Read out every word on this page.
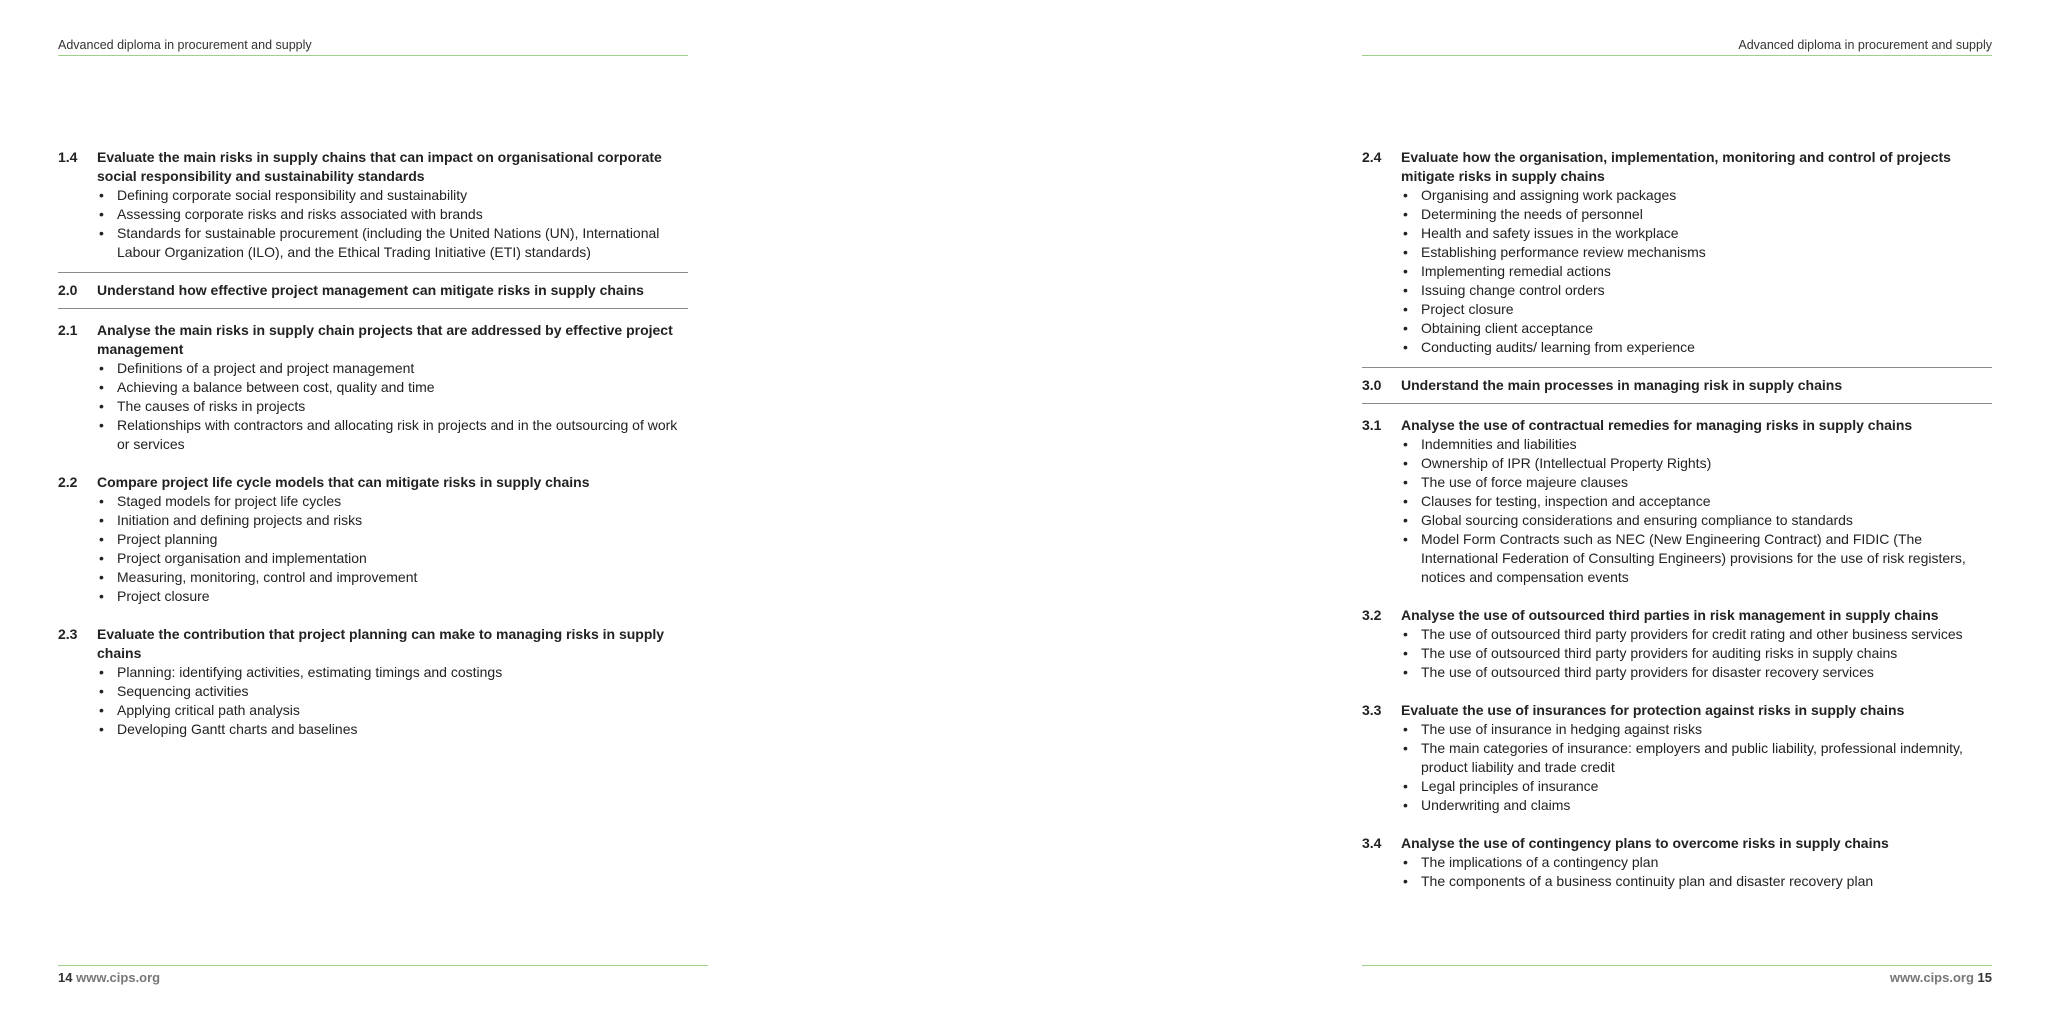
Advanced diploma in procurement and supply
1.4	Evaluate the main risks in supply chains that can impact on organisational corporate social responsibility and sustainability standards
• Defining corporate social responsibility and sustainability
• Assessing corporate risks and risks associated with brands
• Standards for sustainable procurement (including the United Nations (UN), International Labour Organization (ILO), and the Ethical Trading Initiative (ETI) standards)
2.0	Understand how effective project management can mitigate risks in supply chains
2.1	Analyse the main risks in supply chain projects that are addressed by effective project management
• Definitions of a project and project management
• Achieving a balance between cost, quality and time
• The causes of risks in projects
• Relationships with contractors and allocating risk in projects and in the outsourcing of work or services
2.2	Compare project life cycle models that can mitigate risks in supply chains
• Staged models for project life cycles
• Initiation and defining projects and risks
• Project planning
• Project organisation and implementation
• Measuring, monitoring, control and improvement
• Project closure
2.3	Evaluate the contribution that project planning can make to managing risks in supply chains
• Planning: identifying activities, estimating timings and costings
• Sequencing activities
• Applying critical path analysis
• Developing Gantt charts and baselines
14 www.cips.org
Advanced diploma in procurement and supply
2.4	Evaluate how the organisation, implementation, monitoring and control of projects mitigate risks in supply chains
• Organising and assigning work packages
• Determining the needs of personnel
• Health and safety issues in the workplace
• Establishing performance review mechanisms
• Implementing remedial actions
• Issuing change control orders
• Project closure
• Obtaining client acceptance
• Conducting audits/ learning from experience
3.0	Understand the main processes in managing risk in supply chains
3.1	Analyse the use of contractual remedies for managing risks in supply chains
• Indemnities and liabilities
• Ownership of IPR (Intellectual Property Rights)
• The use of force majeure clauses
• Clauses for testing, inspection and acceptance
• Global sourcing considerations and ensuring compliance to standards
• Model Form Contracts such as NEC (New Engineering Contract) and FIDIC (The International Federation of Consulting Engineers) provisions for the use of risk registers, notices and compensation events
3.2	Analyse the use of outsourced third parties in risk management in supply chains
• The use of outsourced third party providers for credit rating and other business services
• The use of outsourced third party providers for auditing risks in supply chains
• The use of outsourced third party providers for disaster recovery services
3.3	Evaluate the use of insurances for protection against risks in supply chains
• The use of insurance in hedging against risks
• The main categories of insurance: employers and public liability, professional indemnity, product liability and trade credit
• Legal principles of insurance
• Underwriting and claims
3.4	Analyse the use of contingency plans to overcome risks in supply chains
• The implications of a contingency plan
• The components of a business continuity plan and disaster recovery plan
www.cips.org 15
